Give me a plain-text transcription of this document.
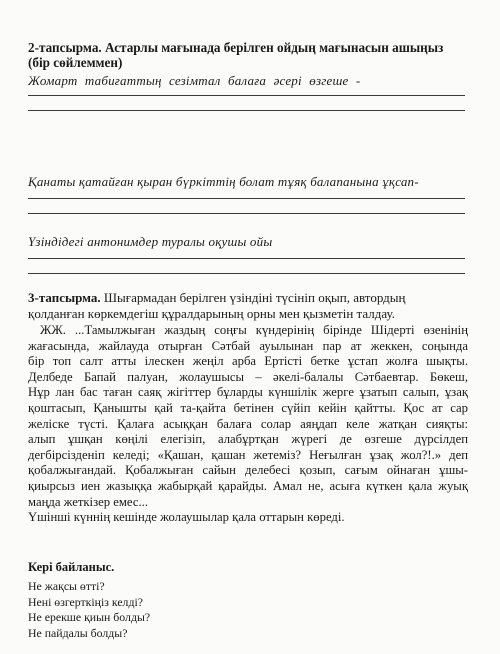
2-тапсырма. Астарлы мағынада берілген ойдың мағынасын ашыңыз
(бір сөйлеммен)
Жомарт табиғаттың сезімтал балаға әсері өзгеше -
Қанаты қатайған қыран бүркіттің болат тұяқ балапанына ұқсап-
Үзіндідегі антонимдер туралы оқушы ойы
3-тапсырма. Шығармадан берілген үзіндіні түсініп оқып, автордың
қолданған көркемдегіш құралдарының орны мен қызметін талдау.
ЖЖ. ...Тамылжыған жаздың соңғы күндерінің бірінде Шідерті өзенінің
жағасында, жайлауда отырған Сәтбай ауылынан пар ат жеккен, соңында
бір топ салт атты ілескен жеңіл арба Ертісті бетке ұстап жолға шықты.
Делбеде Бапай палуан, жолаушысы – әкелі-балалы Сәтбаевтар. Бөкеш,
Нұр лан бас таған саяқ жігіттер бұларды күншілік жерге ұзатып салып, ұзақ
қоштасып, Қанышты қай та-қайта бетінен сүйіп кейін қайтты. Қос ат сар
желіске түсті. Қалаға асыққан балаға солар аяңдап келе жатқан сияқты:
алып ұшқан көңілі елегізіп, алабұртқан жүрегі де өзгеше дүрсілдеп
дегбірсізденіп келеді; «Қашан, қашан жетеміз? Неғылған ұзақ жол?!.» деп
қобалжығандай. Қобалжыған сайын делебесі қозып, сағым ойнаған ұшы-
қиырсыз иен жазыққа жабырқай қарайды. Амал не, асыға күткен қала жуық
маңда жеткізер емес...
Үшінші күннің кешінде жолаушылар қала оттарын көреді.
Кері байланыс.
Не жақсы өтті?
Нені өзгерткіңіз келді?
Не ерекше қиын болды?
Не пайдалы болды?
